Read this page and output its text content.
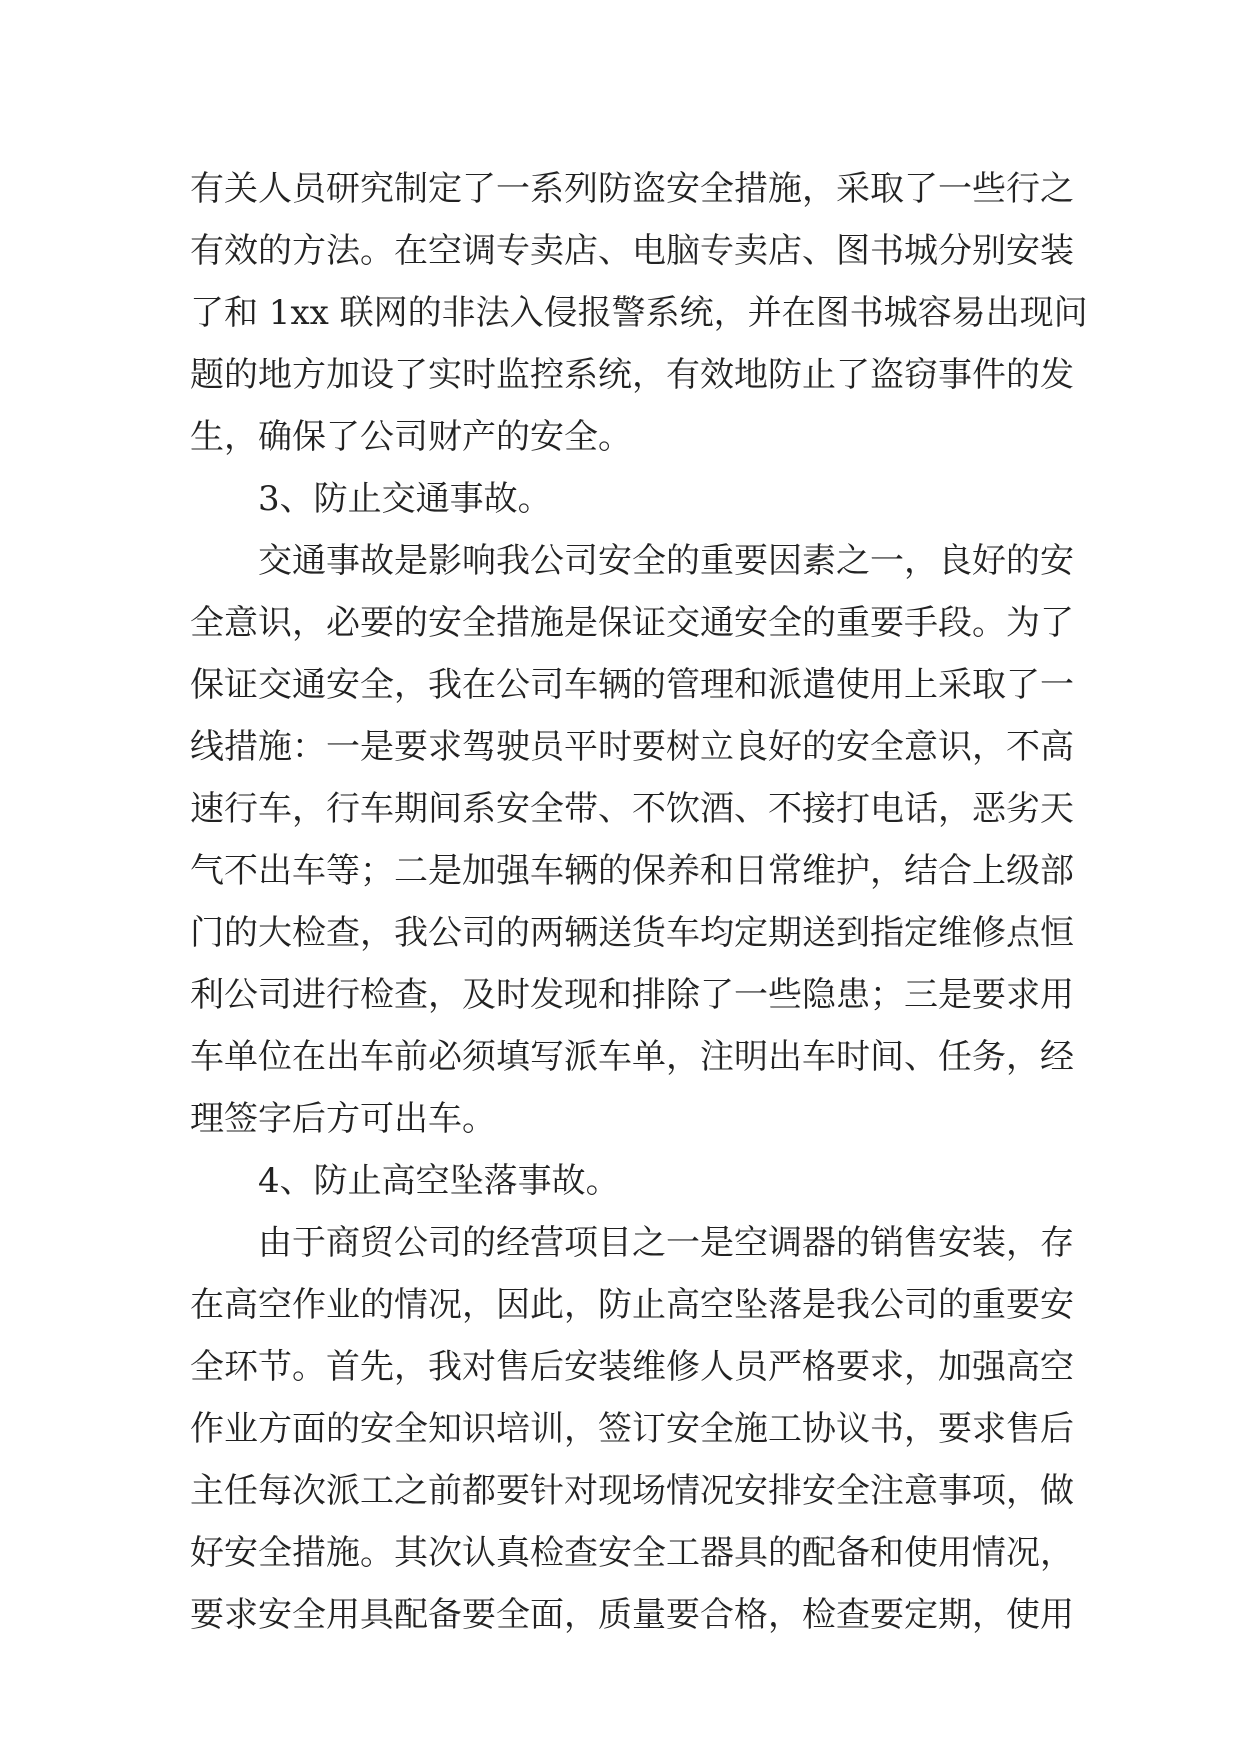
有关人员研究制定了一系列防盗安全措施，采取了一些行之
有效的方法。在空调专卖店、电脑专卖店、图书城分别安装
了和 1xx 联网的非法入侵报警系统，并在图书城容易出现问
题的地方加设了实时监控系统，有效地防止了盗窃事件的发
生，确保了公司财产的安全。
3、防止交通事故。
交通事故是影响我公司安全的重要因素之一，良好的安
全意识，必要的安全措施是保证交通安全的重要手段。为了
保证交通安全，我在公司车辆的管理和派遣使用上采取了一
线措施：一是要求驾驶员平时要树立良好的安全意识，不高
速行车，行车期间系安全带、不饮酒、不接打电话，恶劣天
气不出车等；二是加强车辆的保养和日常维护，结合上级部
门的大检查，我公司的两辆送货车均定期送到指定维修点恒
利公司进行检查，及时发现和排除了一些隐患；三是要求用
车单位在出车前必须填写派车单，注明出车时间、任务，经
理签字后方可出车。
4、防止高空坠落事故。
由于商贸公司的经营项目之一是空调器的销售安装，存
在高空作业的情况，因此，防止高空坠落是我公司的重要安
全环节。首先，我对售后安装维修人员严格要求，加强高空
作业方面的安全知识培训，签订安全施工协议书，要求售后
主任每次派工之前都要针对现场情况安排安全注意事项，做
好安全措施。其次认真检查安全工器具的配备和使用情况，
要求安全用具配备要全面，质量要合格，检查要定期，使用
